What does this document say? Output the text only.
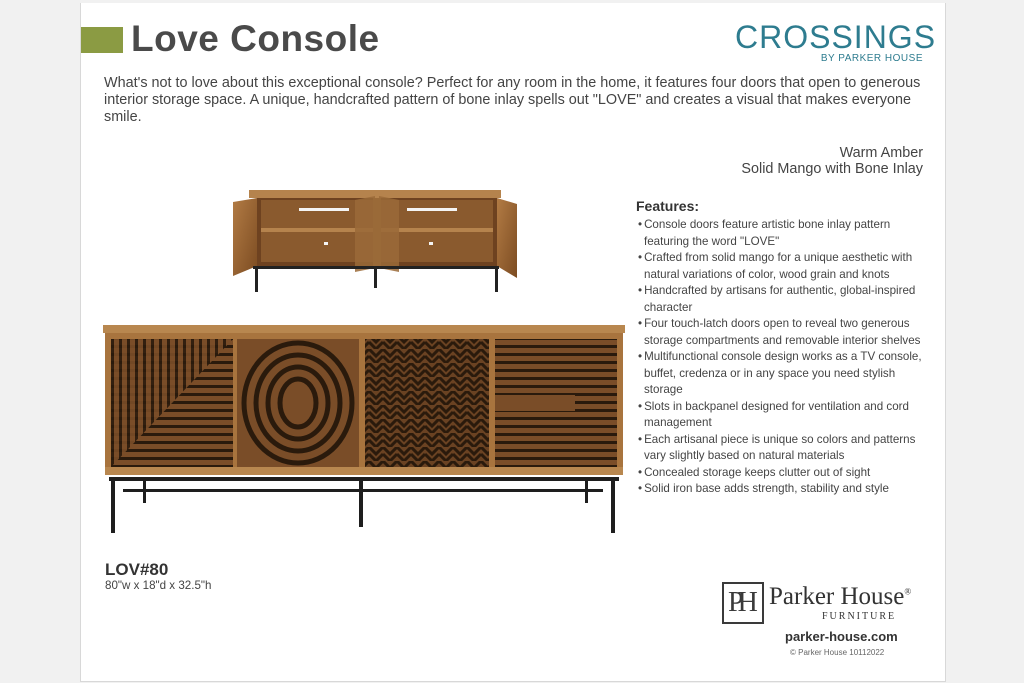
Love Console	CROSSINGS
BY PARKER HOUSE
What's not to love about this exceptional console? Perfect for any room in the home, it features four doors that open to generous interior storage space. A unique, handcrafted pattern of bone inlay spells out "LOVE" and creates a visual that makes everyone smile.
Warm Amber
Solid Mango with Bone Inlay
Features:
• Console doors feature artistic bone inlay pattern featuring the word "LOVE"
• Crafted from solid mango for a unique aesthetic with natural variations of color, wood grain and knots
• Handcrafted by artisans for authentic, global-inspired character
• Four touch-latch doors open to reveal two generous storage compartments and removable interior shelves
• Multifunctional console design works as a TV console, buffet, credenza or in any space you need stylish storage
• Slots in backpanel designed for ventilation and cord management
• Each artisanal piece is unique so colors and patterns vary slightly based on natural materials
• Concealed storage keeps clutter out of sight
• Solid iron base adds strength, stability and style
LOV#80
80"w x 18"d x 32.5"h
PH Parker House®
FURNITURE
parker-house.com
© Parker House 10112022
